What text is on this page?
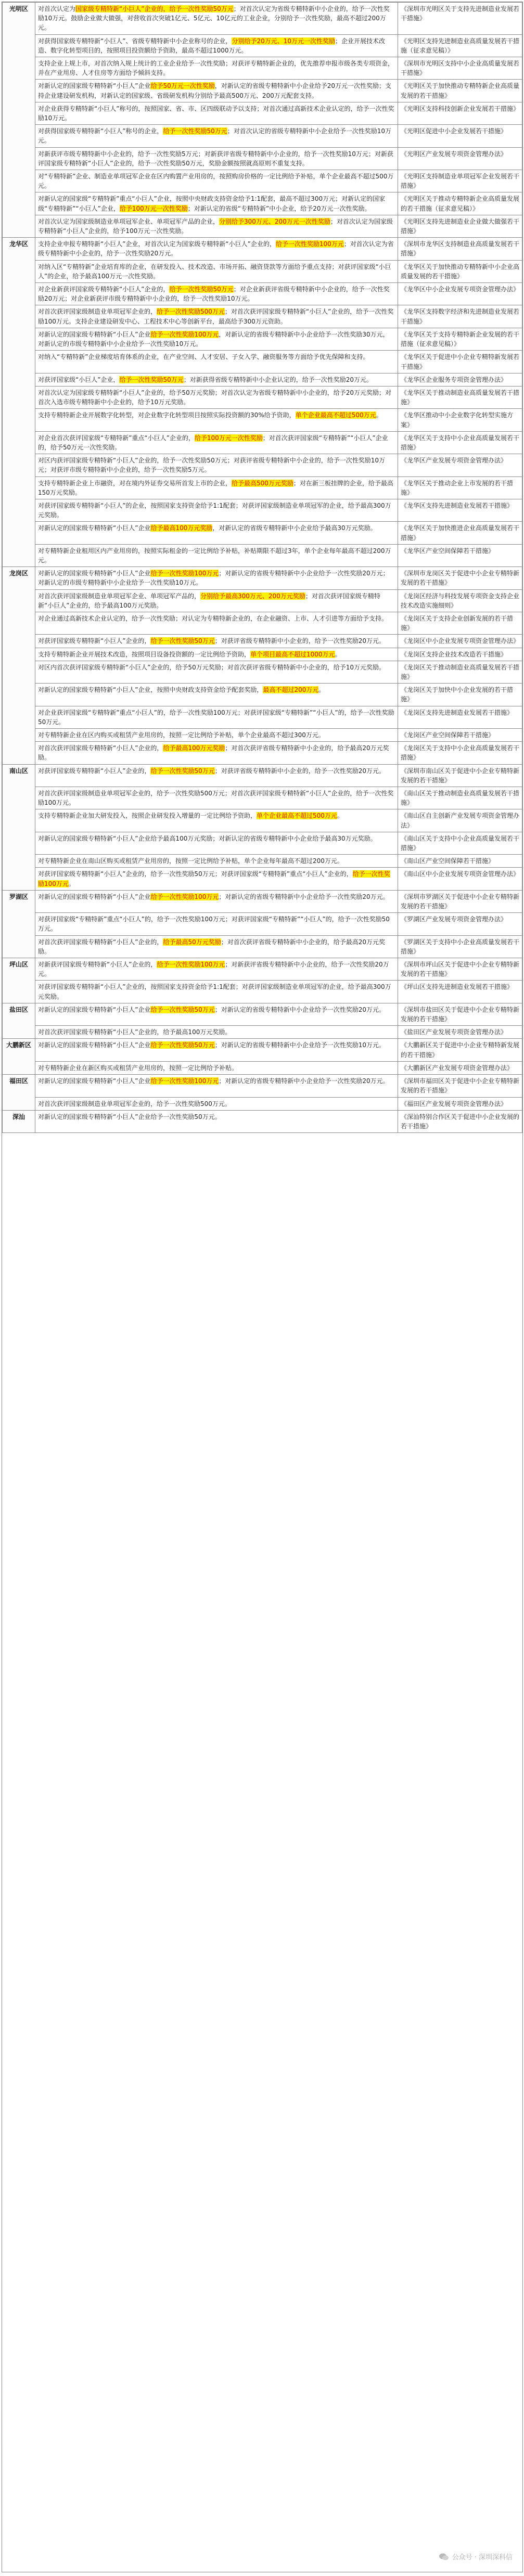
光明区	对首次认定为国家级专精特新“小巨人”企业的，给予一次性奖励50万元；对首次认定为省级专精特新中小企业的，给予一次性奖励10万元。鼓励企业做大做强，对营收首次突破1亿元、5亿元、10亿元的工业企业，分别给予一次性奖励，最高不超过200万元。	《深圳市光明区关于支持先进制造业发展若干措施》
	对获得国家级专精特新“小巨人”、省级专精特新中小企业称号的企业，分别给予20万元、10万元一次性奖励；企业开展技术改造、数字化转型项目的，按照项目投资额给予资助，最高不超过1000万元。	《光明区支持先进制造业高质量发展若干措施（征求意见稿）》
	支持企业上规上市，对首次纳入规上统计的工业企业给予一次性奖励；对获评专精特新企业的，优先推荐申报市级各类专项资金，并在产业用房、人才住房等方面给予倾斜支持。	《深圳市光明区支持中小企业高质量发展若干措施》
	对新认定的国家级专精特新“小巨人”企业给予50万元一次性奖励，对新认定的省级专精特新中小企业给予20万元一次性奖励；支持企业建设研发机构，对新认定的国家级、省级研发机构分别给予最高500万元、200万元配套支持。	《光明区关于加快推动专精特新企业高质量发展的若干措施》
	对企业获得专精特新“小巨人”称号的，按照国家、省、市、区四级联动予以支持；对首次通过高新技术企业认定的，给予一次性奖励10万元。	《光明区支持科技创新企业发展若干措施》
	对获得国家级专精特新“小巨人”称号的企业，给予一次性奖励50万元；对首次认定的省级专精特新中小企业给予一次性奖励10万元。	《光明区促进中小企业发展若干措施》
	对新获评市级专精特新中小企业的，给予一次性奖励5万元；对新获评省级专精特新中小企业的，给予一次性奖励10万元；对新获评国家级专精特新“小巨人”企业的，给予一次性奖励50万元，奖励金额按照就高原则不重复支持。	《光明区产业发展专项资金管理办法》
	对“专精特新”企业、制造业单项冠军企业在区内购置产业用房的，按照购房价格的一定比例给予补贴，单个企业最高不超过500万元。	《光明区支持制造业单项冠军企业发展若干措施》
	对新认定的国家级“专精特新”重点“小巨人”企业，按照中央财政支持资金给予1:1配套，最高不超过300万元；对新认定的国家级“专精特新”“小巨人”企业，给予100万元一次性奖励；对新认定的省级“专精特新”中小企业，给予20万元一次性奖励。	《光明区关于推动专精特新企业高质量发展的若干措施（征求意见稿）》
	对首次认定为国家级制造业单项冠军企业、单项冠军产品的企业，分别给予300万元、200万元一次性奖励；对首次认定为国家级专精特新“小巨人”企业的，给予100万元一次性奖励。	《光明区支持先进制造业企业做大做强若干措施》
龙华区	支持企业申报专精特新“小巨人”企业，对首次认定为国家级专精特新“小巨人”企业的，给予一次性奖励100万元；对首次认定为省级专精特新中小企业的，给予一次性奖励20万元。	《深圳市龙华区支持制造业高质量发展若干措施》
	对纳入区“专精特新”企业培育库的企业，在研发投入、技术改造、市场开拓、融资贷款等方面给予重点支持；对获评国家级“小巨人”的企业，给予最高100万元一次性奖励。	《龙华区关于加快推动专精特新中小企业高质量发展的若干措施》
	对企业新获评国家级专精特新“小巨人”企业的，给予一次性奖励50万元；对企业新获评省级专精特新中小企业的，给予一次性奖励20万元；对企业新获评市级专精特新中小企业的，给予一次性奖励10万元。	《龙华区中小企业发展专项资金管理办法》
	对首次获评国家级制造业单项冠军企业的，给予一次性奖励500万元；对首次获评国家级专精特新“小巨人”企业的，给予一次性奖励100万元。支持企业建设研发中心、工程技术中心等创新平台，最高给予300万元资助。	《龙华区支持数字经济和先进制造业发展若干措施》
	对新认定的国家级专精特新“小巨人”企业给予一次性奖励100万元，对新认定的省级专精特新中小企业给予一次性奖励30万元，对新认定的市级专精特新中小企业给予一次性奖励10万元。	《龙华区关于支持专精特新企业发展的若干措施（征求意见稿）》
	对纳入“专精特新”企业梯度培育体系的企业，在产业空间、人才安居、子女入学、融资服务等方面给予优先保障和支持。	《龙华区关于促进中小企业专精特新发展若干措施》
	对获评国家级“小巨人”企业，给予一次性奖励50万元；对新获得省级专精特新中小企业认定的，给予一次性奖励20万元。	《龙华区企业服务专项资金管理办法》
	对首次认定为国家级专精特新“小巨人”企业的，给予50万元奖励；对首次认定为省级专精特新中小企业的，给予20万元奖励；对首次入选市级专精特新中小企业的，给予10万元奖励。	《龙华区关于推动制造业高质量发展若干措施》
	支持专精特新企业开展数字化转型，对企业数字化转型项目按照实际投资额的30%给予资助，单个企业最高不超过500万元。	《龙华区推动中小企业数字化转型实施方案》
	对企业首次获评国家级“专精特新”重点“小巨人”企业的，给予100万元一次性奖励；对首次获评国家级“专精特新”“小巨人”企业的，给予50万元一次性奖励。	《龙华区关于支持中小企业高质量发展若干措施》
	对区内获评国家级专精特新“小巨人”企业的，给予一次性奖励50万元；对获评省级专精特新中小企业的，给予一次性奖励10万元；对获评市级专精特新中小企业的，给予一次性奖励5万元。	《龙华区产业发展专项资金管理办法》
	支持专精特新企业上市融资，对在境内外证券交易所首发上市的企业，给予最高500万元奖励；对在新三板挂牌的企业，给予最高150万元奖励。	《龙华区关于推动企业上市发展的若干措施》
	对获评国家级专精特新“小巨人”的企业，按照国家支持资金给予1:1配套；对获评国家级制造业单项冠军的企业，给予最高300万元奖励。	《龙华区支持先进制造业发展若干措施》
	对新认定的国家级专精特新“小巨人”企业给予最高100万元奖励，对新认定的省级专精特新中小企业给予最高30万元奖励。	《龙华区关于加快推进企业高质量发展若干措施》
	对专精特新企业租用区内产业用房的，按照实际租金的一定比例给予补贴，补贴期限不超过3年，单个企业每年最高不超过200万元。	《龙华区产业空间保障若干措施》
龙岗区	对新认定的国家级专精特新“小巨人”企业给予一次性奖励100万元；对新认定的省级专精特新中小企业给予一次性奖励20万元；对新认定的市级专精特新中小企业给予一次性奖励10万元。	《深圳市龙岗区关于促进中小企业专精特新发展的若干措施》
	对首次获评国家级制造业单项冠军企业、单项冠军产品的，分别给予最高300万元、200万元奖励；对首次获评国家级专精特新“小巨人”企业的，给予最高100万元奖励。	《龙岗区经济与科技发展专项资金支持企业技术改造实施细则》
	对企业通过高新技术企业认定的，给予一次性奖励；对认定为专精特新企业的，在企业融资、上市、人才引进等方面给予支持。	《龙岗区关于支持企业创新发展的若干措施》
	对获评国家级专精特新“小巨人”企业的，给予一次性奖励50万元；对获评省级专精特新中小企业的，给予一次性奖励20万元。	《龙岗区中小企业发展专项资金管理办法》
	支持专精特新企业开展技术改造，按照项目设备投资额的一定比例给予资助，单个项目最高不超过1000万元。	《龙岗区支持企业技术改造若干措施》
	对区内首次获评国家级专精特新“小巨人”企业的，给予50万元奖励；对首次获评省级专精特新中小企业的，给予10万元奖励。	《龙岗区关于推动制造业高质量发展若干措施》
	对新认定的国家级专精特新“小巨人”企业，按照中央财政支持资金给予配套奖励，最高不超过200万元。	《龙岗区关于加快中小企业发展的若干措施》
	对企业获评国家级“专精特新”重点“小巨人”的，给予一次性奖励100万元；对获评国家级“专精特新”“小巨人”的，给予一次性奖励50万元。	《龙岗区支持先进制造业发展若干措施》
	对专精特新企业在区内购买或租赁产业用房的，按照一定比例给予补贴，单个企业最高不超过300万元。	《龙岗区产业空间保障若干措施》
	对首次获评国家级专精特新“小巨人”企业的，给予最高100万元奖励；对首次获评省级专精特新中小企业的，给予最高20万元奖励。	《龙岗区关于支持中小企业高质量发展若干措施》
南山区	对获评国家级专精特新“小巨人”企业的，给予一次性奖励50万元；对获评省级专精特新中小企业的，给予一次性奖励20万元。	《深圳市南山区关于促进中小企业专精特新发展的若干措施》
	对首次获评国家级制造业单项冠军企业的，给予一次性奖励500万元；对首次获评国家级专精特新“小巨人”企业的，给予一次性奖励100万元。	《南山区关于推动制造业高质量发展若干措施》
	支持专精特新企业加大研发投入，按照企业研发投入增量的一定比例给予资助，单个企业最高不超过500万元。	《南山区自主创新产业发展专项资金管理办法》
	对新认定的国家级专精特新“小巨人”企业给予最高100万元奖励；对新认定的省级专精特新中小企业给予最高30万元奖励。	《南山区关于支持中小企业高质量发展若干措施》
	对专精特新企业在南山区购买或租赁产业用房的，按照一定比例给予补贴，单个企业每年最高不超过200万元。	《南山区产业空间保障若干措施》
	对获评国家级专精特新“小巨人”企业的，给予一次性奖励50万元；对获评国家级“专精特新”重点“小巨人”企业的，给予一次性奖励100万元。	《南山区中小企业发展专项资金管理办法》
罗湖区	对新认定的国家级专精特新“小巨人”企业给予一次性奖励100万元；对新认定的省级专精特新中小企业给予一次性奖励20万元。	《深圳市罗湖区关于促进中小企业专精特新发展的若干措施》
	对获评国家级“专精特新”重点“小巨人”的，给予一次性奖励100万元；对获评国家级“专精特新”“小巨人”的，给予一次性奖励50万元。	《罗湖区产业发展专项资金管理办法》
	对首次获评国家级专精特新“小巨人”企业的，给予最高50万元奖励；对首次获评省级专精特新中小企业的，给予最高20万元奖励。	《罗湖区关于支持中小企业高质量发展若干措施》
坪山区	对新获评国家级专精特新“小巨人”企业的，给予一次性奖励100万元；对新获评省级专精特新中小企业的，给予一次性奖励20万元。	《深圳市坪山区关于促进中小企业专精特新发展的若干措施》
	对获评国家级专精特新“小巨人”企业的，按照国家支持资金给予1:1配套；对获评国家级制造业单项冠军的企业，给予最高300万元奖励。	《坪山区支持先进制造业发展若干措施》
盐田区	对新认定的国家级专精特新“小巨人”企业给予一次性奖励50万元；对新认定的省级专精特新中小企业给予一次性奖励20万元。	《深圳市盐田区关于促进中小企业专精特新发展的若干措施》
	对首次获评国家级专精特新“小巨人”企业的，给予最高100万元奖励。	《盐田区产业发展专项资金管理办法》
大鹏新区	对新认定的国家级专精特新“小巨人”企业给予一次性奖励50万元；对新认定的省级专精特新中小企业给予一次性奖励10万元。	《大鹏新区关于促进中小企业专精特新发展的若干措施》
	对专精特新企业在新区购买或租赁产业用房的，按照一定比例给予补贴。	《大鹏新区产业发展专项资金管理办法》
福田区	对新认定的国家级专精特新“小巨人”企业给予一次性奖励100万元；对新认定的省级专精特新中小企业给予一次性奖励20万元。	《深圳市福田区关于促进中小企业专精特新发展的若干措施》
	对首次获评国家级制造业单项冠军企业的，给予一次性奖励500万元。	《福田区产业发展专项资金管理办法》
深汕	对新认定的国家级专精特新“小巨人”企业给予一次性奖励50万元。	《深汕特别合作区关于促进中小企业发展的若干措施》
公众号 · 深圳深科信
